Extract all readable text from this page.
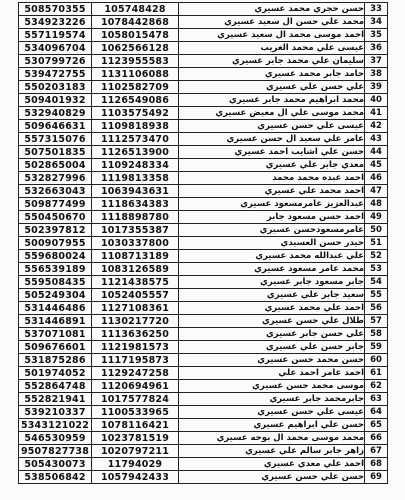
508570355	105748428	حسن حجري محمد عسيري	33
534923226	1078442868	محمد علي حسن ال سعيد عسيري	34
557119574	1058015478	احمد موسى محمد ال سعيد عسيري	35
534096704	1062566128	عيسى علي محمد الغريب	36
530799726	1123955583	سليمان علي محمد جابر عسيري	37
539472755	1131106088	حامد جابر محمد عسيري	38
550203183	1102582709	علي حسن علي عسيري	39
509401932	1126549086	محمد ابراهيم محمد جابر عسيري	40
532940829	1103575492	محمد موسى علي ال معيض عسيري	41
509646631	1109818938	عيسى علي حسن عسيري	42
557315076	1112573470	عامر علي سعيد ال حسن عسيري	43
507501835	1126513900	حسن علي اشايب احمد عسيري	44
502865004	1109248334	معدي جابر علي عسيري	45
532827996	1119813358	احمد عبده محمد محمد	46
532663043	1063943631	احمد محمد علي عسيري	47
509877499	1118634383	عبدالعزيز عامرمسعود عسيري	48
550450670	1118898780	احمد حسن مسعود جابر	49
502397812	1017355387	عامرمسعودحسن عسيري	50
500907955	1030337800	حيدر حسن العسيدي	51
559680024	1108713189	علي عبدالله محمد عسيري	52
556539189	1083126589	محمد عامر مسعود عسيري	53
559508435	1121438575	جابر مسعود جابر عسيري	54
505249304	1052405557	سعيد جابر علي عسيري	55
531446486	1127108361	احمد علي محمد عسيري	56
531446891	1130217720	طلال علي حسن عسيري	57
537071081	1113636250	علي حسن جابر عسيري	58
509676601	1121981573	جابر حسن علي عسيري	59
531875286	1117195873	حسن محمد حسن عسيري	60
501974052	1129247258	احمد عامر احمد علي	61
552864748	1120694961	موسى محمد حسن عسيري	62
552821941	1017577824	جابرمحمد جابر عسيري	63
539210337	1100533965	عيسى علي حسن عسيري	64
5343121022	1078116421	حسن علي ابراهيم عسيري	65
546530959	1023781519	محمد موسى محمد ال بوحه عسيري	66
9507827738	1020797211	زاهر جابر سالم علي عسيري	67
505430073	11794029	احمد علي معدي عسيري	68
538506842	1057942433	حسن علي حسن عسيري	69
